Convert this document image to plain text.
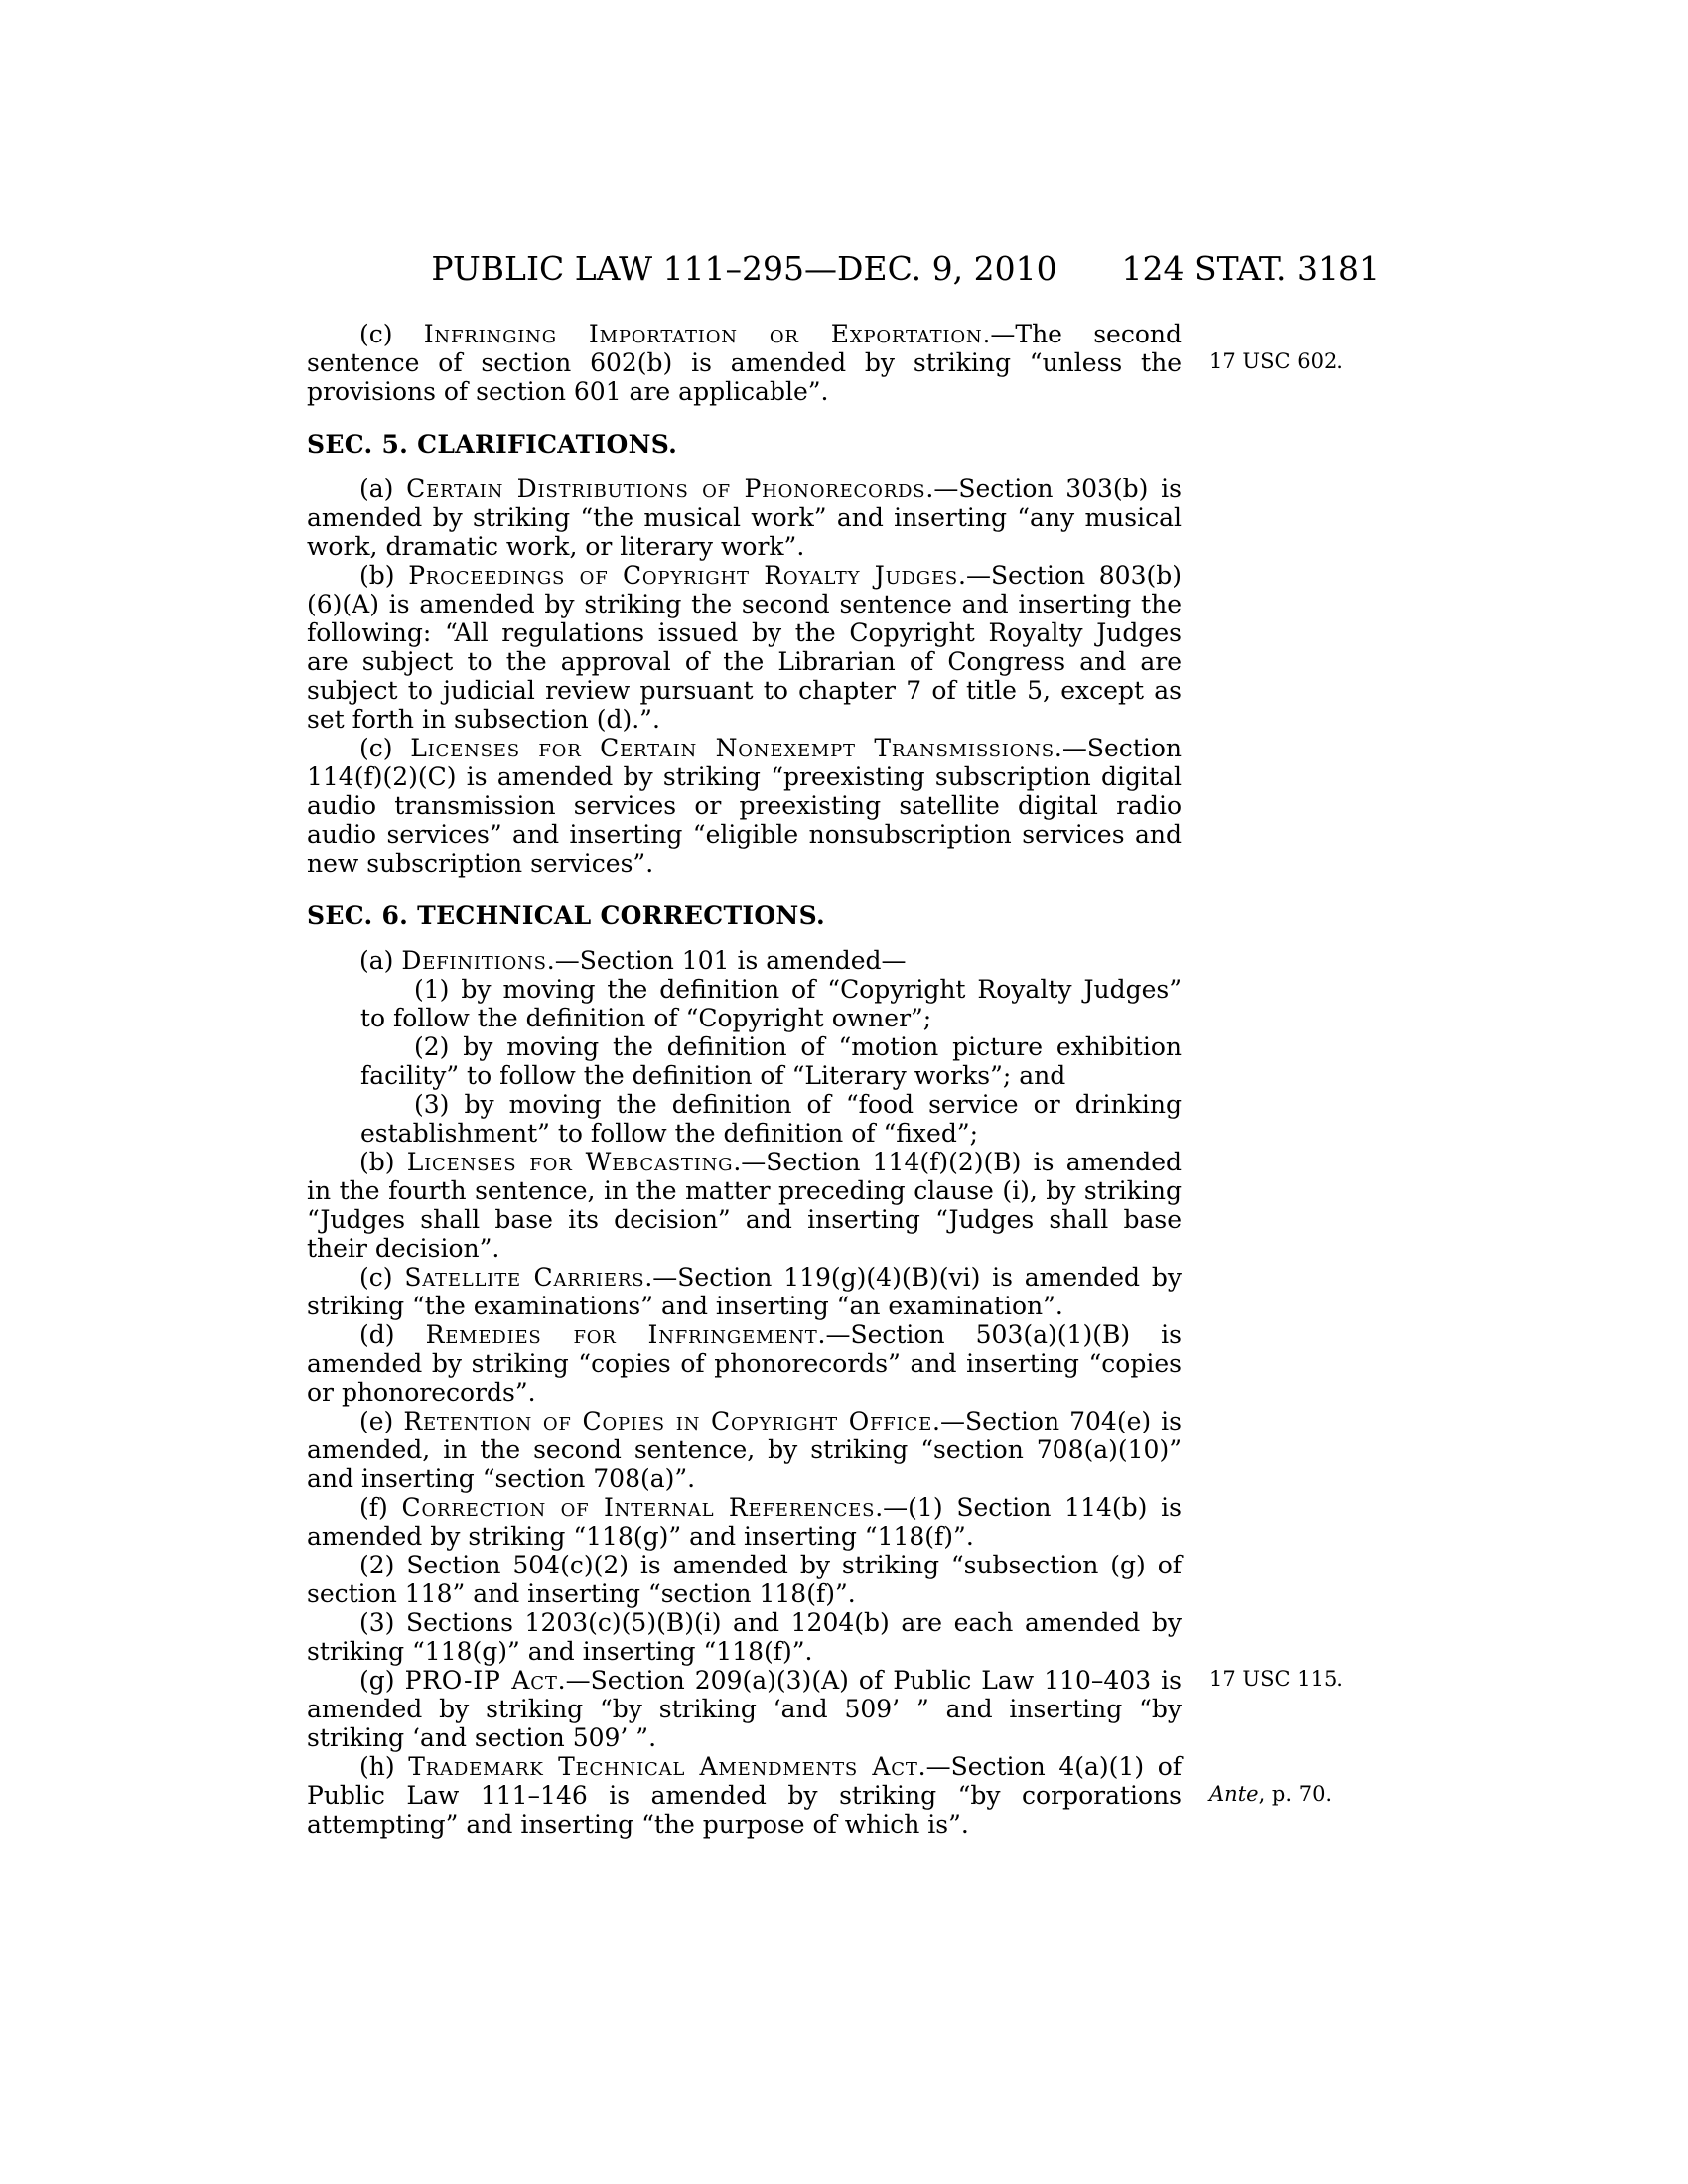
PUBLIC LAW 111–295—DEC. 9, 2010	124 STAT. 3181

17 USC 602.
(c) Infringing Importation or Exportation.—The second sentence of section 602(b) is amended by striking “unless the provisions of section 601 are applicable”.

SEC. 5. CLARIFICATIONS.

(a) Certain Distributions of Phonorecords.—Section 303(b) is amended by striking “the musical work” and inserting “any musical work, dramatic work, or literary work”.

(b) Proceedings of Copyright Royalty Judges.—Section 803(b)(6)(A) is amended by striking the second sentence and inserting the following: “All regulations issued by the Copyright Royalty Judges are subject to the approval of the Librarian of Congress and are subject to judicial review pursuant to chapter 7 of title 5, except as set forth in subsection (d).”.

(c) Licenses for Certain Nonexempt Transmissions.—Section 114(f)(2)(C) is amended by striking “preexisting subscription digital audio transmission services or preexisting satellite digital radio audio services” and inserting “eligible nonsubscription services and new subscription services”.

SEC. 6. TECHNICAL CORRECTIONS.

(a) Definitions.—Section 101 is amended—

(1) by moving the definition of “Copyright Royalty Judges” to follow the definition of “Copyright owner”;

(2) by moving the definition of “motion picture exhibition facility” to follow the definition of “Literary works”; and

(3) by moving the definition of “food service or drinking establishment” to follow the definition of “fixed”;

(b) Licenses for Webcasting.—Section 114(f)(2)(B) is amended in the fourth sentence, in the matter preceding clause (i), by striking “Judges shall base its decision” and inserting “Judges shall base their decision”.

(c) Satellite Carriers.—Section 119(g)(4)(B)(vi) is amended by striking “the examinations” and inserting “an examination”.

(d) Remedies for Infringement.—Section 503(a)(1)(B) is amended by striking “copies of phonorecords” and inserting “copies or phonorecords”.

(e) Retention of Copies in Copyright Office.—Section 704(e) is amended, in the second sentence, by striking “section 708(a)(10)” and inserting “section 708(a)”.

(f) Correction of Internal References.—(1) Section 114(b) is amended by striking “118(g)” and inserting “118(f)”.

(2) Section 504(c)(2) is amended by striking “subsection (g) of section 118” and inserting “section 118(f)”.

(3) Sections 1203(c)(5)(B)(i) and 1204(b) are each amended by striking “118(g)” and inserting “118(f)”.

17 USC 115.
(g) PRO-IP Act.—Section 209(a)(3)(A) of Public Law 110–403 is amended by striking “by striking ‘and 509’ ” and inserting “by striking ‘and section 509’ ”.

Ante, p. 70.
(h) Trademark Technical Amendments Act.—Section 4(a)(1) of Public Law 111–146 is amended by striking “by corporations attempting” and inserting “the purpose of which is”.
